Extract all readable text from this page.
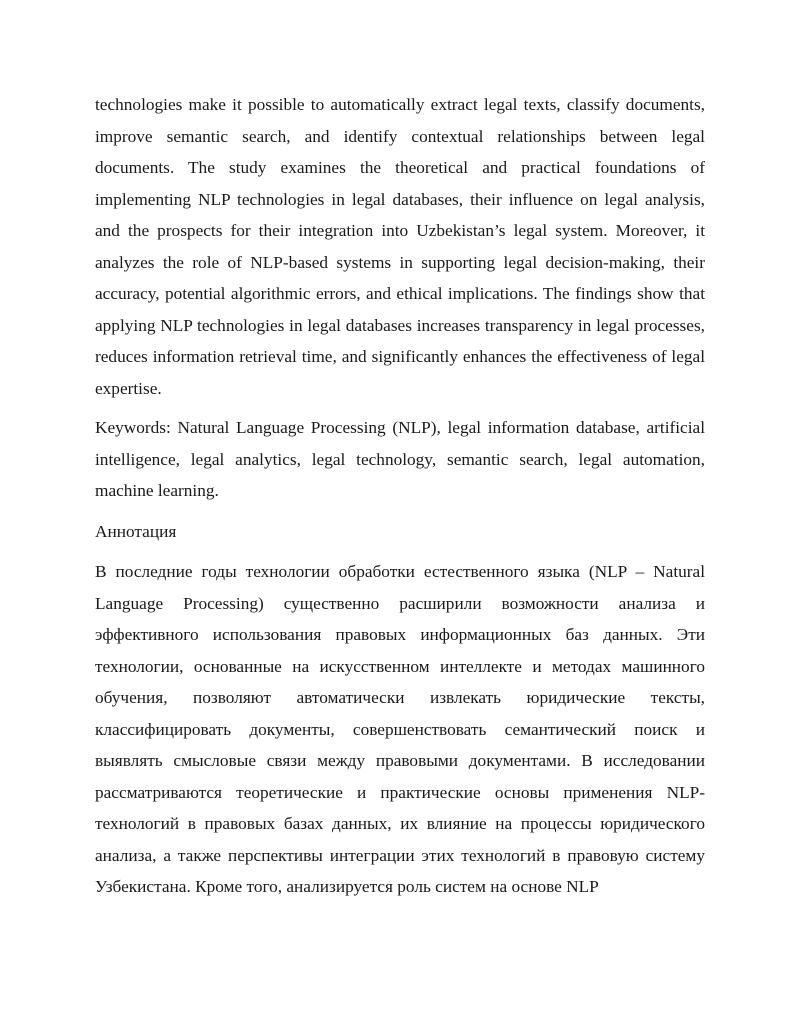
technologies make it possible to automatically extract legal texts, classify documents, improve semantic search, and identify contextual relationships between legal documents. The study examines the theoretical and practical foundations of implementing NLP technologies in legal databases, their influence on legal analysis, and the prospects for their integration into Uzbekistan’s legal system. Moreover, it analyzes the role of NLP-based systems in supporting legal decision-making, their accuracy, potential algorithmic errors, and ethical implications. The findings show that applying NLP technologies in legal databases increases transparency in legal processes, reduces information retrieval time, and significantly enhances the effectiveness of legal expertise.

Keywords: Natural Language Processing (NLP), legal information database, artificial intelligence, legal analytics, legal technology, semantic search, legal automation, machine learning.

Аннотация

В последние годы технологии обработки естественного языка (NLP – Natural Language Processing) существенно расширили возможности анализа и эффективного использования правовых информационных баз данных. Эти технологии, основанные на искусственном интеллекте и методах машинного обучения, позволяют автоматически извлекать юридические тексты, классифицировать документы, совершенствовать семантический поиск и выявлять смысловые связи между правовыми документами. В исследовании рассматриваются теоретические и практические основы применения NLP-технологий в правовых базах данных, их влияние на процессы юридического анализа, а также перспективы интеграции этих технологий в правовую систему Узбекистана. Кроме того, анализируется роль систем на основе NLP
